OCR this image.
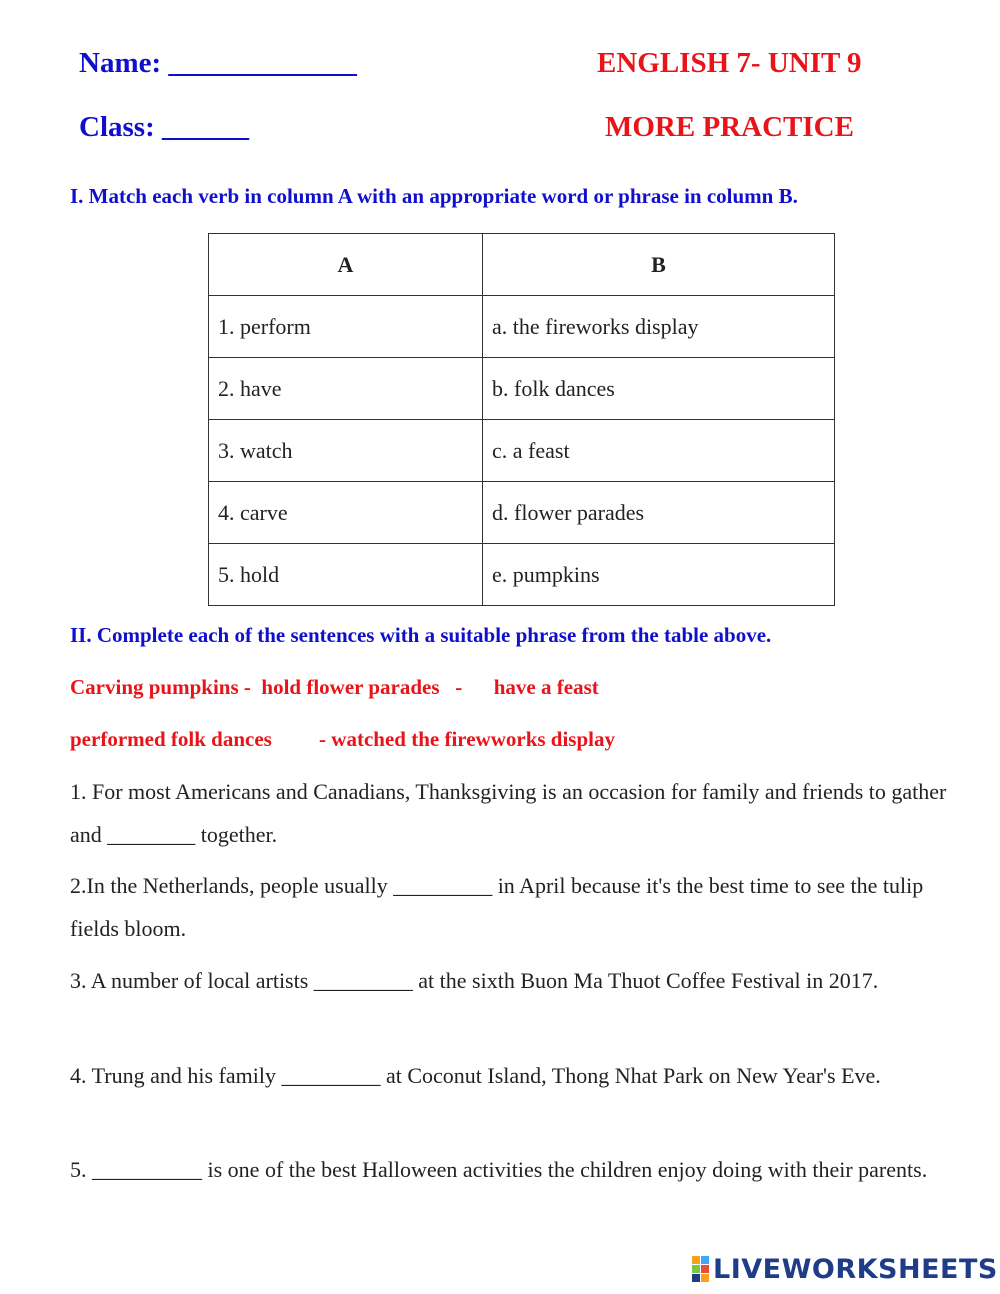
Name: _____________
Class: ______
ENGLISH 7- UNIT 9
MORE PRACTICE
I. Match each verb in column A with an appropriate word or phrase in column B.
A	B
1. perform	a. the fireworks display
2. have	b. folk dances
3. watch	c. a feast
4. carve	d. flower parades
5. hold	e. pumpkins
II. Complete each of the sentences with a suitable phrase from the table above.
Carving pumpkins -  hold flower parades   -      have a feast
performed folk dances         - watched the firewworks display
1. For most Americans and Canadians, Thanksgiving is an occasion for family and friends to gather and ________ together.
2.In the Netherlands, people usually _________ in April because it's the best time to see the tulip fields bloom.
3. A number of local artists _________ at the sixth Buon Ma Thuot Coffee Festival in 2017.
4. Trung and his family _________ at Coconut Island, Thong Nhat Park on New Year's Eve.
5. __________ is one of the best Halloween activities the children enjoy doing with their parents.
LIVEWORKSHEETS
